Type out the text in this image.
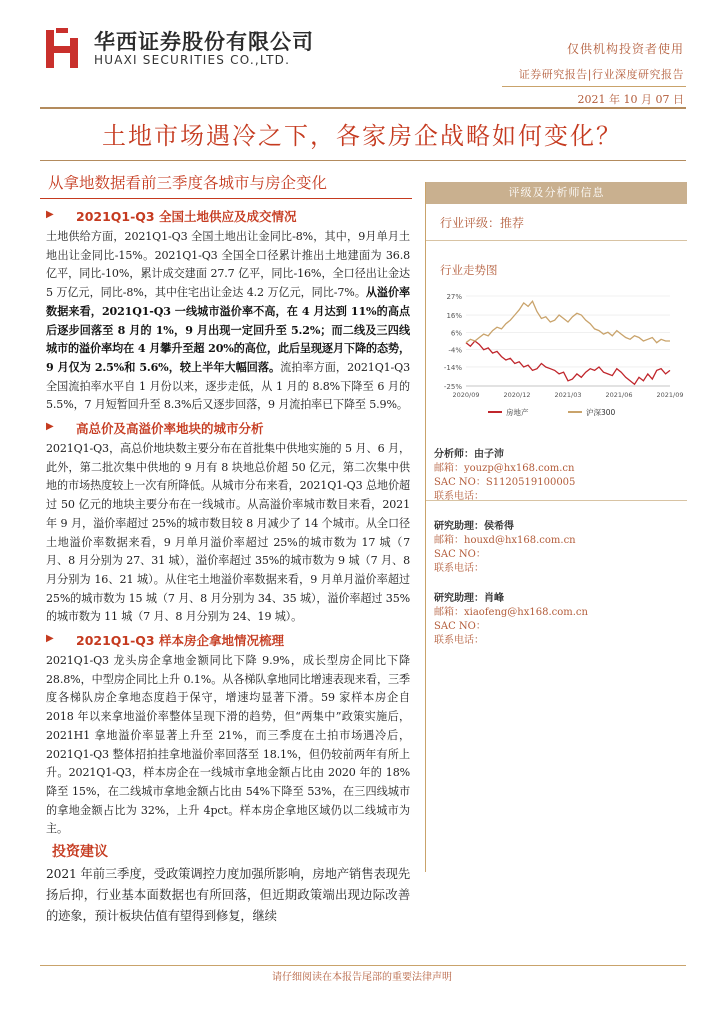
华西证券股份有限公司
HUAXI SECURITIES CO.,LTD.
仅供机构投资者使用
证券研究报告|行业深度研究报告
2021 年 10 月 07 日
土地市场遇冷之下，各家房企战略如何变化？
从拿地数据看前三季度各城市与房企变化
▶ 2021Q1-Q3 全国土地供应及成交情况
土地供给方面，2021Q1-Q3 全国土地出让金同比-8%，其中，9月单月土地出让金同比-15%。2021Q1-Q3 全国全口径累计推出土地建面为 36.8 亿平，同比-10%，累计成交建面 27.7 亿平，同比-16%，全口径出让金达 5 万亿元，同比-8%，其中住宅出让金达 4.2 万亿元，同比-7%。从溢价率数据来看，2021Q1-Q3 一线城市溢价率不高，在 4 月达到 11%的高点后逐步回落至 8 月的 1%，9 月出现一定回升至 5.2%；而二线及三四线城市的溢价率均在 4 月攀升至超 20%的高位，此后呈现逐月下降的态势，9 月仅为 2.5%和 5.6%，较上半年大幅回落。流拍率方面，2021Q1-Q3 全国流拍率水平自 1 月份以来，逐步走低，从 1 月的 8.8%下降至 6 月的 5.5%，7 月短暂回升至 8.3%后又逐步回落，9 月流拍率已下降至 5.9%。
▶ 高总价及高溢价率地块的城市分析
2021Q1-Q3，高总价地块数主要分布在首批集中供地实施的 5 月、6 月，此外，第二批次集中供地的 9 月有 8 块地总价超 50 亿元，第二次集中供地的市场热度较上一次有所降低。从城市分布来看，2021Q1-Q3 总地价超过 50 亿元的地块主要分布在一线城市。从高溢价率城市数目来看，2021 年 9 月，溢价率超过 25%的城市数目较 8 月减少了 14 个城市。从全口径土地溢价率数据来看，9 月单月溢价率超过 25%的城市数为 17 城（7 月、8 月分别为 27、31 城），溢价率超过 35%的城市数为 9 城（7 月、8 月分别为 16、21 城）。从住宅土地溢价率数据来看，9 月单月溢价率超过 25%的城市数为 15 城（7 月、8 月分别为 34、35 城），溢价率超过 35%的城市数为 11 城（7 月、8 月分别为 24、19 城）。
▶ 2021Q1-Q3 样本房企拿地情况梳理
2021Q1-Q3 龙头房企拿地金额同比下降 9.9%，成长型房企同比下降 28.8%，中型房企同比上升 0.1%。从各梯队拿地同比增速表现来看，三季度各梯队房企拿地态度趋于保守，增速均显著下滑。59 家样本房企自 2018 年以来拿地溢价率整体呈现下滑的趋势，但“两集中”政策实施后，2021H1 拿地溢价率显著上升至 21%，而三季度在土拍市场遇冷后，2021Q1-Q3 整体招拍挂拿地溢价率回落至 18.1%，但仍较前两年有所上升。2021Q1-Q3，样本房企在一线城市拿地金额占比由 2020 年的 18%降至 15%，在二线城市拿地金额占比由 54%下降至 53%，在三四线城市的拿地金额占比为 32%，上升 4pct。样本房企拿地区域仍以二线城市为主。
投资建议
2021 年前三季度，受政策调控力度加强所影响，房地产销售表现先扬后抑，行业基本面数据也有所回落，但近期政策端出现边际改善的迹象，预计板块估值有望得到修复，继续
评级及分析师信息
行业评级：推荐
行业走势图
27%
16%
6%
-4%
-14%
-25%
2020/09	2020/12	2021/03	2021/06	2021/09
房地产	沪深300
分析师：由子沛
邮箱：youzp@hx168.com.cn
SAC NO：S1120519100005
联系电话：
研究助理：侯希得
邮箱：houxd@hx168.com.cn
SAC NO：
联系电话：
研究助理：肖峰
邮箱：xiaofeng@hx168.com.cn
SAC NO：
联系电话：
请仔细阅读在本报告尾部的重要法律声明
